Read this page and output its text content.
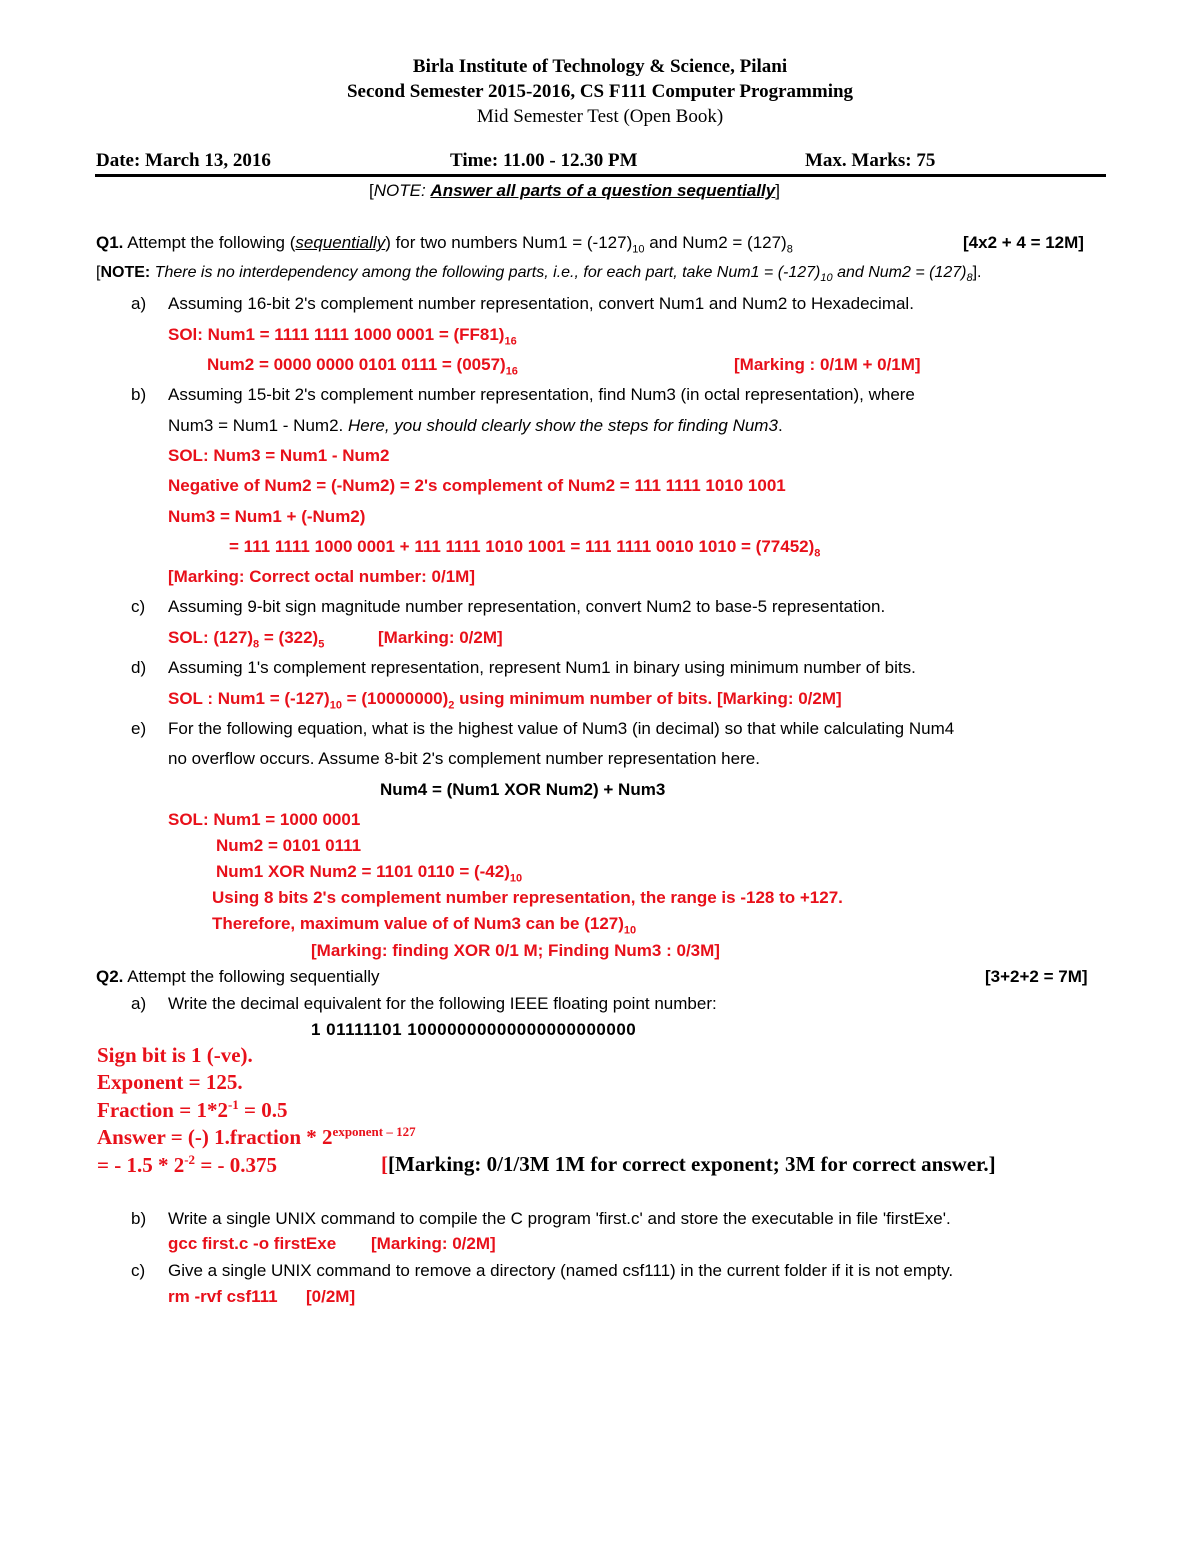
Birla Institute of Technology & Science, Pilani
Second Semester 2015-2016, CS F111 Computer Programming
Mid Semester Test (Open Book)
Date: March 13, 2016	Time: 11.00 - 12.30 PM	Max. Marks: 75
[NOTE: Answer all parts of a question sequentially]
Q1. Attempt the following (sequentially) for two numbers $Num1 = (-127)_{10}$ and $Num2 = (127)_8$	[4x2 + 4 = 12M]
[NOTE: There is no interdependency among the following parts, i.e., for each part, take $Num1 = (-127)_{10}$ and $Num2 = (127)_8$].
a) Assuming 16-bit 2's complement number representation, convert Num1 and Num2 to Hexadecimal.
SOl: Num1 = 1111 1111 1000 $0001 = (FF81)_{16}$
Num2 = 0000 0000 0101 $0111 = (0057)_{16}$	[Marking : 0/1M + 0/1M]
b) Assuming 15-bit 2's complement number representation, find Num3 (in octal representation), where
Num3 = Num1 - Num2. Here, you should clearly show the steps for finding Num3.
SOL: Num3 = Num1 - Num2
Negative of Num2 = (-Num2) = 2's complement of Num2 = 111 1111 1010 1001
Num3 = Num1 + (-Num2)
= 111 1111 1000 0001 + 111 1111 1010 1001 = 111 1111 0010 $1010 = (77452)_8$
[Marking: Correct octal number: 0/1M]
c) Assuming 9-bit sign magnitude number representation, convert Num2 to base-5 representation.
SOL: $(127)_8 = (322)_5$	[Marking: 0/2M]
d) Assuming 1's complement representation, represent Num1 in binary using minimum number of bits.
SOL : $Num1 = (-127)_{10} = (10000000)_2$ using minimum number of bits. [Marking: 0/2M]
e) For the following equation, what is the highest value of Num3 (in decimal) so that while calculating Num4
no overflow occurs. Assume 8-bit 2's complement number representation here.
Num4 = (Num1 XOR Num2) + Num3
SOL: Num1 = 1000 0001
Num2 = 0101 0111
Num1 XOR Num2 = 1101 $0110 = (-42)_{10}$
Using 8 bits 2's complement number representation, the range is -128 to +127.
Therefore, maximum value of of Num3 can be $(127)_{10}$
[Marking: finding XOR 0/1 M; Finding Num3 : 0/3M]
Q2. Attempt the following sequentially	[3+2+2 = 7M]
a) Write the decimal equivalent for the following IEEE floating point number:
1 01111101 10000000000000000000000
Sign bit is 1 (-ve).
Exponent = 125.
Fraction = $1*2^{-1} = 0.5$
Answer = (-) 1.fraction * $2^{exponent - 127}$
= - $1.5 * 2^{-2}$ = - 0.375	[[Marking: 0/1/3M 1M for correct exponent; 3M for correct answer.]
b) Write a single UNIX command to compile the C program 'first.c' and store the executable in file 'firstExe'.
gcc first.c -o firstExe [Marking: 0/2M]
c) Give a single UNIX command to remove a directory (named csf111) in the current folder if it is not empty.
rm -rvf csf111 [0/2M]
